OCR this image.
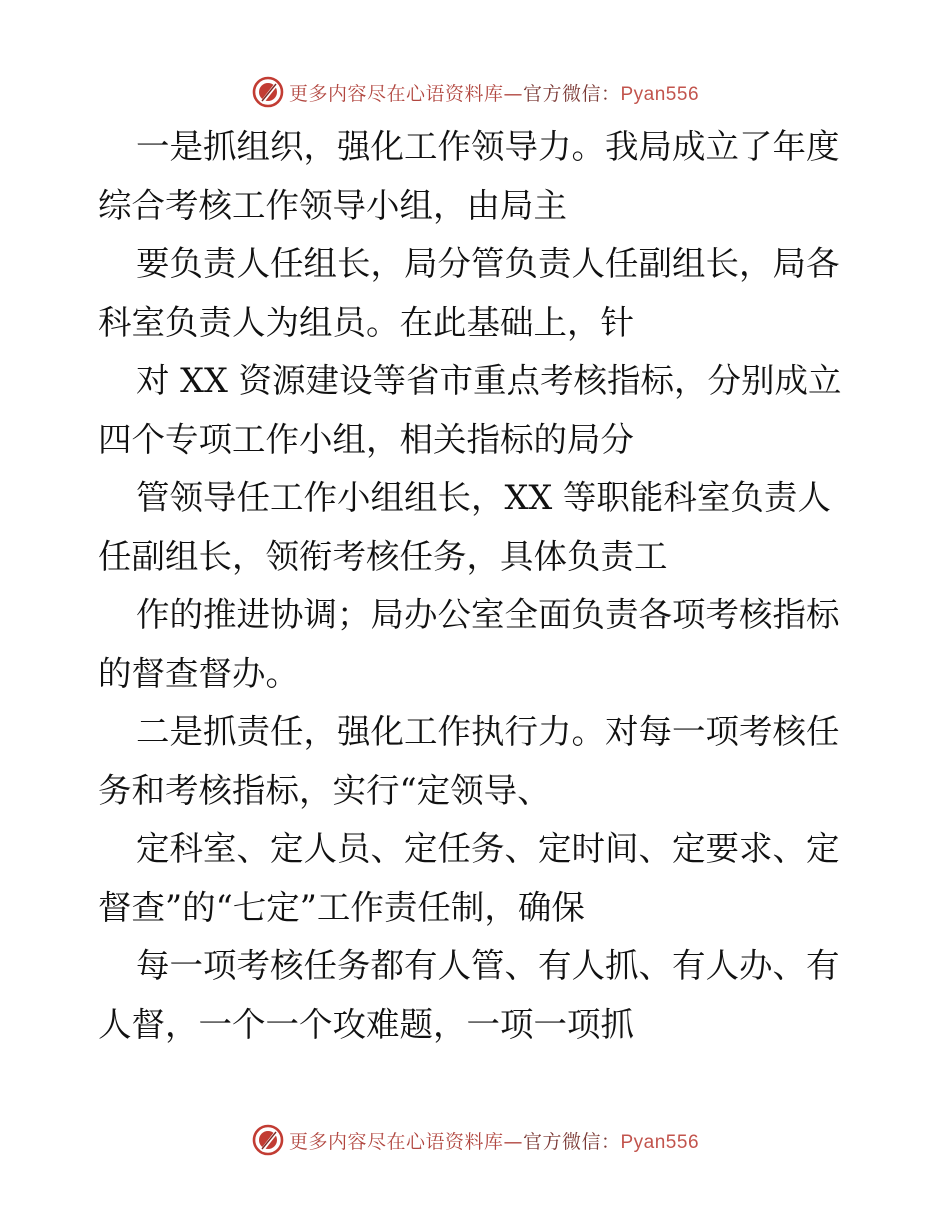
更多内容尽在心语资料库—官方微信：Pyan556
一是抓组织，强化工作领导力。我局成立了年度
综合考核工作领导小组，由局主
要负责人任组长，局分管负责人任副组长，局各
科室负责人为组员。在此基础上，针
对 XX 资源建设等省市重点考核指标，分别成立
四个专项工作小组，相关指标的局分
管领导任工作小组组长，XX 等职能科室负责人
任副组长，领衔考核任务，具体负责工
作的推进协调；局办公室全面负责各项考核指标
的督查督办。
二是抓责任，强化工作执行力。对每一项考核任
务和考核指标，实行“定领导、
定科室、定人员、定任务、定时间、定要求、定
督查”的“七定”工作责任制，确保
每一项考核任务都有人管、有人抓、有人办、有
人督，一个一个攻难题，一项一项抓
更多内容尽在心语资料库—官方微信：Pyan556
